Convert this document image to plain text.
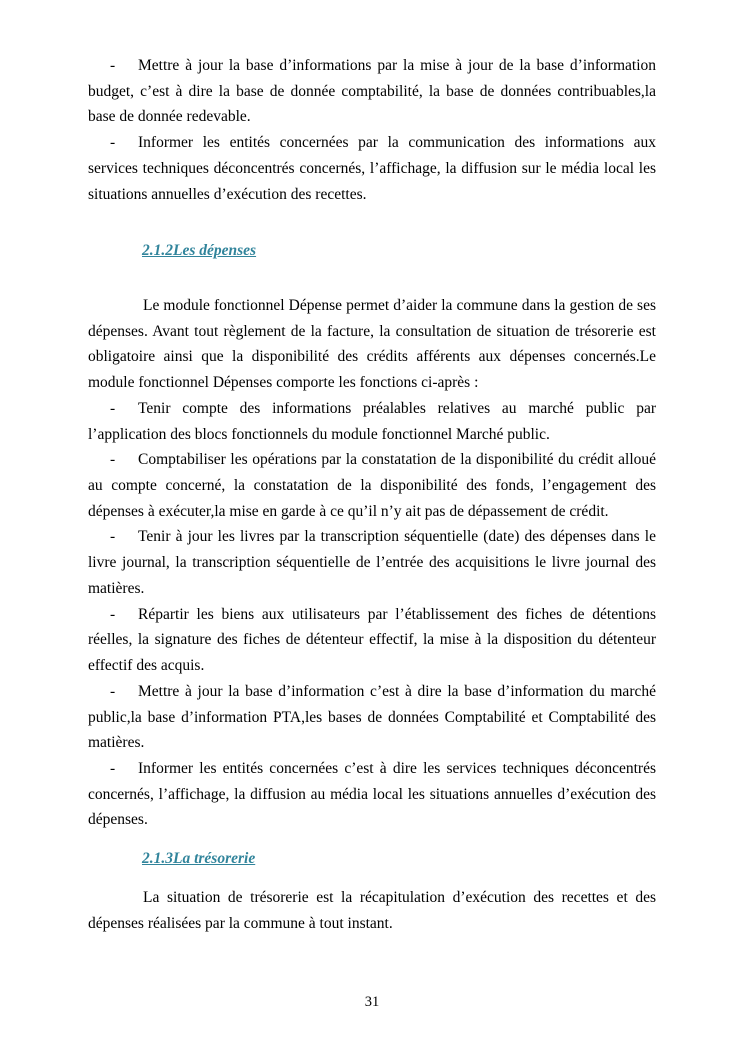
- Mettre à jour la base d’informations par la mise à jour de la base d’information budget, c’est à dire la base de donnée comptabilité, la base de données contribuables,la base de donnée redevable.

- Informer les entités concernées par la communication des informations aux services techniques déconcentrés concernés, l’affichage, la diffusion sur le média local les situations annuelles d’exécution des recettes.

2.1.2Les dépenses

Le module fonctionnel Dépense permet d’aider la commune dans la gestion de ses dépenses. Avant tout règlement de la facture, la consultation de situation de trésorerie est obligatoire ainsi que la disponibilité des crédits afférents aux dépenses concernés.Le module fonctionnel Dépenses comporte les fonctions ci-après :

- Tenir compte des informations préalables relatives au marché public par l’application des blocs fonctionnels du module fonctionnel Marché public.

- Comptabiliser les opérations par la constatation de la disponibilité du crédit alloué au compte concerné, la constatation de la disponibilité des fonds, l’engagement des dépenses à exécuter,la mise en garde à ce qu’il n’y ait pas de dépassement de crédit.

- Tenir à jour les livres par la transcription séquentielle (date) des dépenses dans le livre journal, la transcription séquentielle de l’entrée des acquisitions le livre journal des matières.

- Répartir les biens aux utilisateurs par l’établissement des fiches de détentions réelles, la signature des fiches de détenteur effectif, la mise à la disposition du détenteur effectif des acquis.

- Mettre à jour la base d’information c’est à dire la base d’information du marché public,la base d’information PTA,les bases de données Comptabilité et Comptabilité des matières.

- Informer les entités concernées c’est à dire les services techniques déconcentrés concernés, l’affichage, la diffusion au média local les situations annuelles d’exécution des dépenses.

2.1.3La trésorerie

La situation de trésorerie est la récapitulation d’exécution des recettes et des dépenses réalisées par la commune à tout instant.

31
